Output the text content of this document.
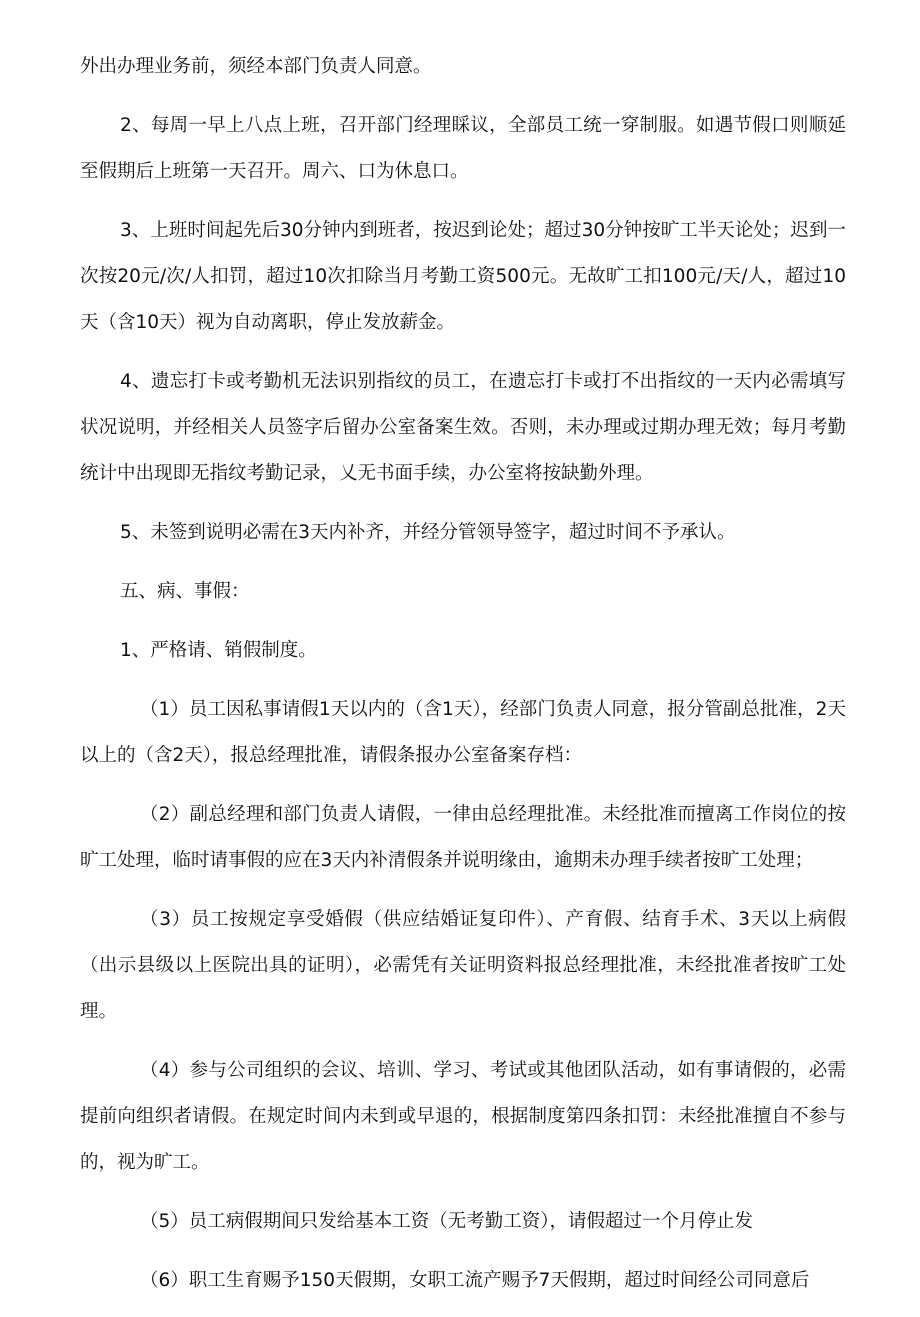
外出办理业务前，须经本部门负责人同意。

2、每周一早上八点上班，召开部门经理睬议，全部员工统一穿制服。如遇节假口则顺延至假期后上班第一天召开。周六、口为休息口。

3、上班时间起先后30分钟内到班者，按迟到论处；超过30分钟按旷工半天论处；迟到一次按20元/次/人扣罚，超过10次扣除当月考勤工资500元。无故旷工扣100元/天/人，超过10天（含10天）视为自动离职，停止发放薪金。

4、遗忘打卡或考勤机无法识别指纹的员工，在遗忘打卡或打不出指纹的一天内必需填写状况说明，并经相关人员签字后留办公室备案生效。否则，未办理或过期办理无效；每月考勤统计中出现即无指纹考勤记录，乂无书面手续，办公室将按缺勤外理。

5、未签到说明必需在3天内补齐，并经分管领导签字，超过时间不予承认。

五、病、事假：

1、严格请、销假制度。

（1）员工因私事请假1天以内的（含1天），经部门负责人同意，报分管副总批准，2天以上的（含2天），报总经理批准，请假条报办公室备案存档：

（2）副总经理和部门负责人请假，一律由总经理批准。未经批准而擅离工作岗位的按旷工处理，临时请事假的应在3天内补清假条并说明缘由，逾期未办理手续者按旷工处理；

（3）员工按规定享受婚假（供应结婚证复印件）、产育假、结育手术、3天以上病假（出示县级以上医院出具的证明），必需凭有关证明资料报总经理批准，未经批准者按旷工处理。

（4）参与公司组织的会议、培训、学习、考试或其他团队活动，如有事请假的，必需提前向组织者请假。在规定时间内未到或早退的，根据制度第四条扣罚：未经批准擅自不参与的，视为旷工。

（5）员工病假期间只发给基本工资（无考勤工资），请假超过一个月停止发

（6）职工生育赐予150天假期，女职工流产赐予7天假期，超过时间经公司同意后
